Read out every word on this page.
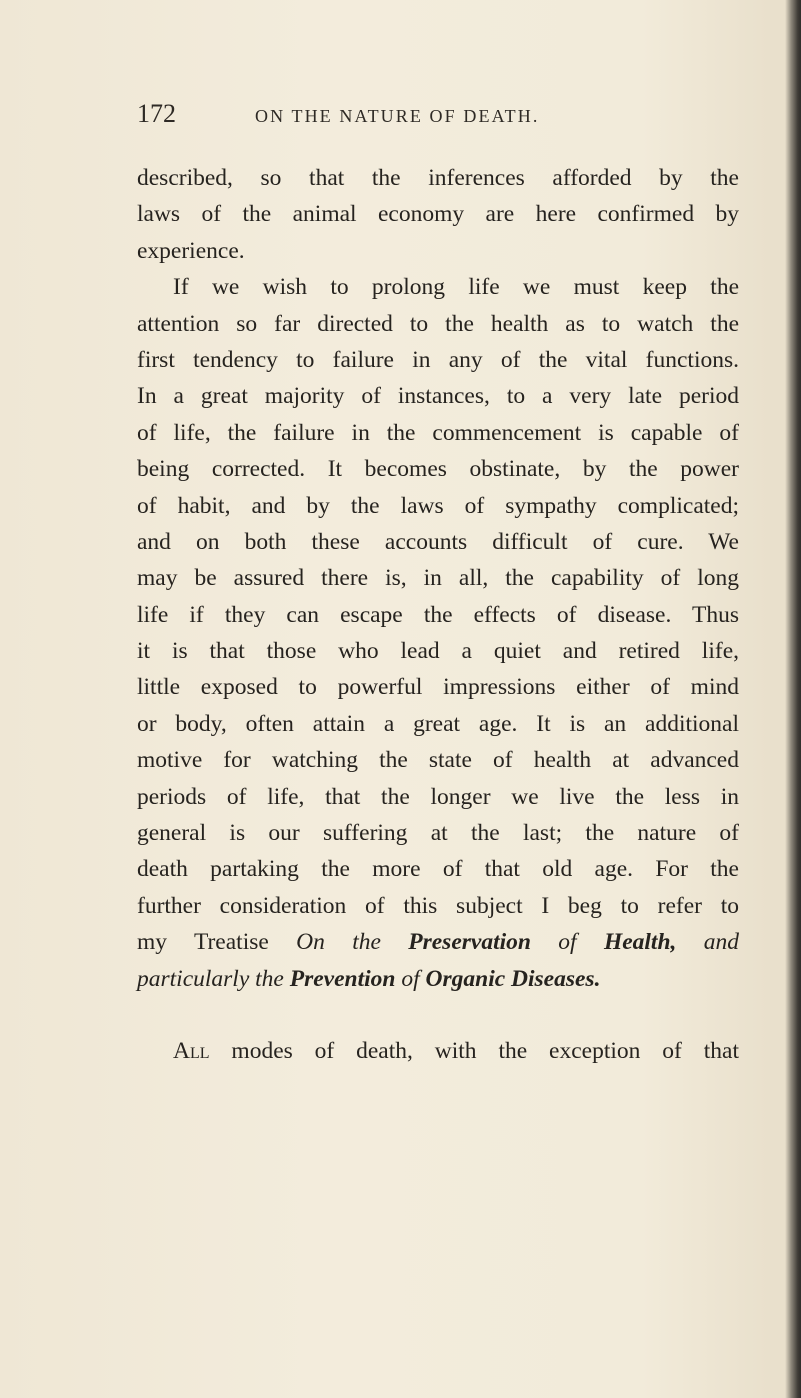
172	ON THE NATURE OF DEATH.
described, so that the inferences afforded by the
laws of the animal economy are here confirmed by
experience.
If we wish to prolong life we must keep the
attention so far directed to the health as to watch the
first tendency to failure in any of the vital functions.
In a great majority of instances, to a very late period
of life, the failure in the commencement is capable of
being corrected. It becomes obstinate, by the power
of habit, and by the laws of sympathy complicated;
and on both these accounts difficult of cure. We
may be assured there is, in all, the capability of long
life if they can escape the effects of disease. Thus
it is that those who lead a quiet and retired life,
little exposed to powerful impressions either of mind
or body, often attain a great age. It is an additional
motive for watching the state of health at advanced
periods of life, that the longer we live the less in
general is our suffering at the last; the nature of
death partaking the more of that old age. For the
further consideration of this subject I beg to refer to
my Treatise On the Preservation of Health, and
particularly the Prevention of Organic Diseases.
All modes of death, with the exception of that
